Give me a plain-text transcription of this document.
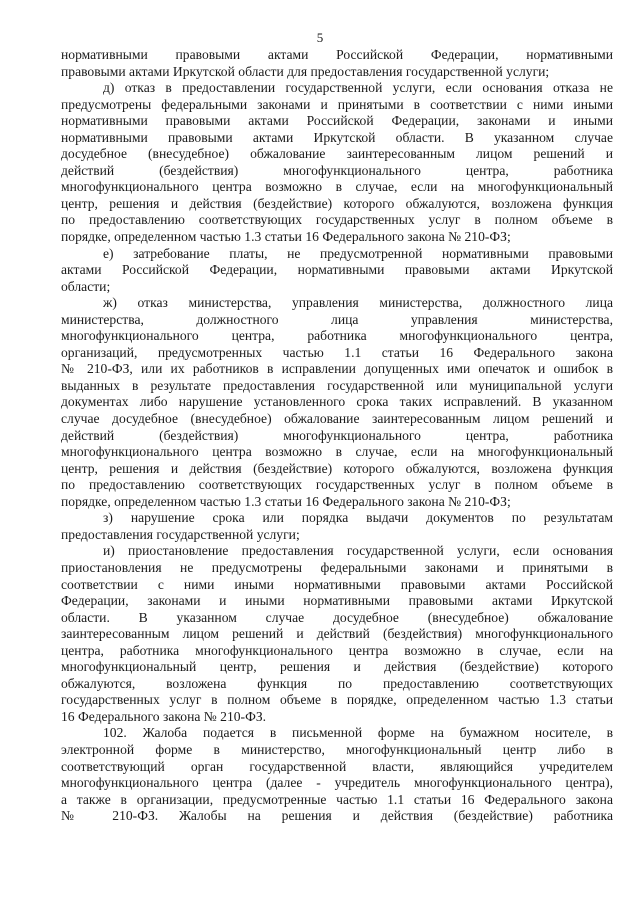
5
нормативными правовыми актами Российской Федерации, нормативными
правовыми актами Иркутской области для предоставления государственной услуги;
д) отказ в предоставлении государственной услуги, если основания отказа не
предусмотрены федеральными законами и принятыми в соответствии с ними иными
нормативными правовыми актами Российской Федерации, законами и иными
нормативными правовыми актами Иркутской области. В указанном случае
досудебное (внесудебное) обжалование заинтересованным лицом решений и
действий (бездействия) многофункционального центра, работника
многофункционального центра возможно в случае, если на многофункциональный
центр, решения и действия (бездействие) которого обжалуются, возложена функция
по предоставлению соответствующих государственных услуг в полном объеме в
порядке, определенном частью 1.3 статьи 16 Федерального закона № 210-ФЗ;
е) затребование платы, не предусмотренной нормативными правовыми
актами Российской Федерации, нормативными правовыми актами Иркутской
области;
ж) отказ министерства, управления министерства, должностного лица
министерства, должностного лица управления министерства,
многофункционального центра, работника многофункционального центра,
организаций, предусмотренных частью 1.1 статьи 16 Федерального закона
№ 210-ФЗ, или их работников в исправлении допущенных ими опечаток и ошибок в
выданных в результате предоставления государственной или муниципальной услуги
документах либо нарушение установленного срока таких исправлений. В указанном
случае досудебное (внесудебное) обжалование заинтересованным лицом решений и
действий (бездействия) многофункционального центра, работника
многофункционального центра возможно в случае, если на многофункциональный
центр, решения и действия (бездействие) которого обжалуются, возложена функция
по предоставлению соответствующих государственных услуг в полном объеме в
порядке, определенном частью 1.3 статьи 16 Федерального закона № 210-ФЗ;
з) нарушение срока или порядка выдачи документов по результатам
предоставления государственной услуги;
и) приостановление предоставления государственной услуги, если основания
приостановления не предусмотрены федеральными законами и принятыми в
соответствии с ними иными нормативными правовыми актами Российской
Федерации, законами и иными нормативными правовыми актами Иркутской
области. В указанном случае досудебное (внесудебное) обжалование
заинтересованным лицом решений и действий (бездействия) многофункционального
центра, работника многофункционального центра возможно в случае, если на
многофункциональный центр, решения и действия (бездействие) которого
обжалуются, возложена функция по предоставлению соответствующих
государственных услуг в полном объеме в порядке, определенном частью 1.3 статьи
16 Федерального закона № 210-ФЗ.
102. Жалоба подается в письменной форме на бумажном носителе, в
электронной форме в министерство, многофункциональный центр либо в
соответствующий орган государственной власти, являющийся учредителем
многофункционального центра (далее - учредитель многофункционального центра),
а также в организации, предусмотренные частью 1.1 статьи 16 Федерального закона
№ 210-ФЗ. Жалобы на решения и действия (бездействие) работника
